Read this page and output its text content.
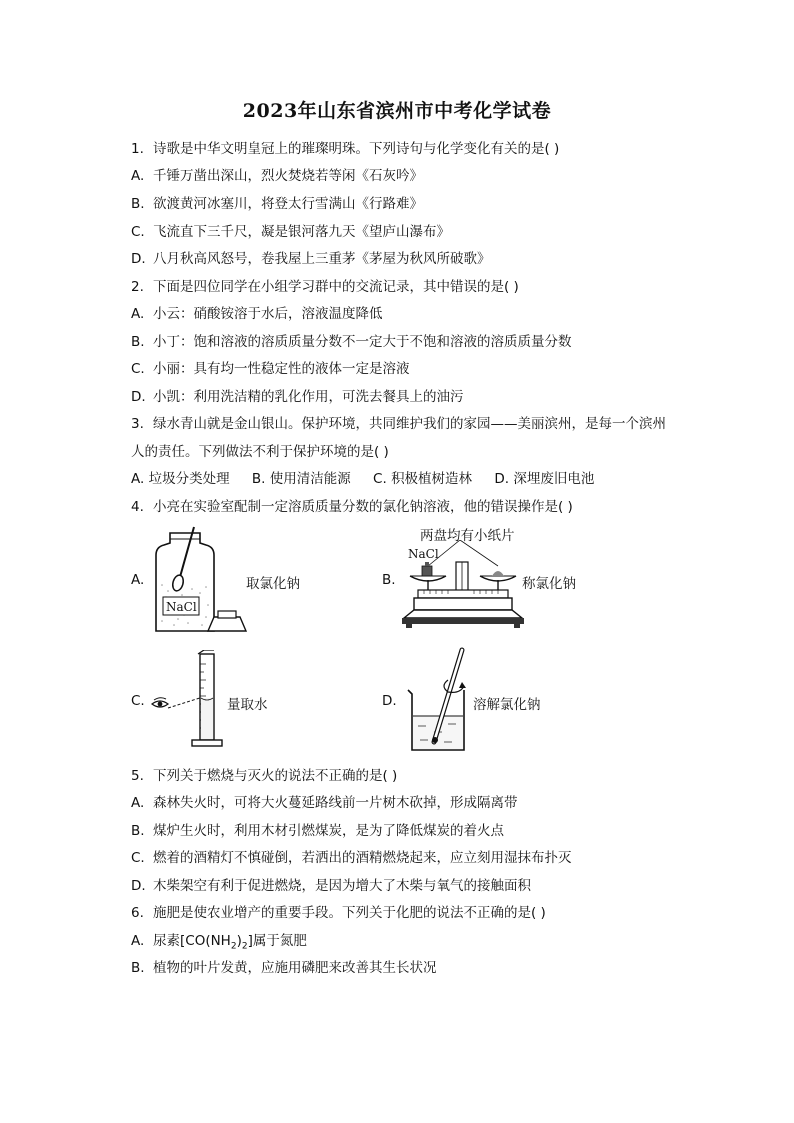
2023年山东省滨州市中考化学试卷
1. 诗歌是中华文明皇冠上的璀璨明珠。下列诗句与化学变化有关的是( )
A. 千锤万凿出深山，烈火焚烧若等闲《石灰吟》
B. 欲渡黄河冰塞川，将登太行雪满山《行路难》
C. 飞流直下三千尺，凝是银河落九天《望庐山瀑布》
D. 八月秋高风怒号，卷我屋上三重茅《茅屋为秋风所破歌》
2. 下面是四位同学在小组学习群中的交流记录，其中错误的是( )
A. 小云：硝酸铵溶于水后，溶液温度降低
B. 小丁：饱和溶液的溶质质量分数不一定大于不饱和溶液的溶质质量分数
C. 小丽：具有均一性稳定性的液体一定是溶液
D. 小凯：利用洗洁精的乳化作用，可洗去餐具上的油污
3. 绿水青山就是金山银山。保护环境，共同维护我们的家园——美丽滨州，是每一个滨州
人的责任。下列做法不利于保护环境的是( )
A. 垃圾分类处理 B. 使用清洁能源 C. 积极植树造林 D. 深埋废旧电池
4. 小亮在实验室配制一定溶质质量分数的氯化钠溶液，他的错误操作是( )
A.
NaCl
取氯化钠	B.
两盘均有小纸片
NaCl
称氯化钠
C.	量取水	D.	溶解氯化钠
5. 下列关于燃烧与灭火的说法不正确的是( )
A. 森林失火时，可将大火蔓延路线前一片树木砍掉，形成隔离带
B. 煤炉生火时，利用木材引燃煤炭，是为了降低煤炭的着火点
C. 燃着的酒精灯不慎碰倒，若洒出的酒精燃烧起来，应立刻用湿抹布扑灭
D. 木柴架空有利于促进燃烧，是因为增大了木柴与氧气的接触面积
6. 施肥是使农业增产的重要手段。下列关于化肥的说法不正确的是( )
A. 尿素$[CO(NH_2)_2]$属于氮肥
B. 植物的叶片发黄，应施用磷肥来改善其生长状况
